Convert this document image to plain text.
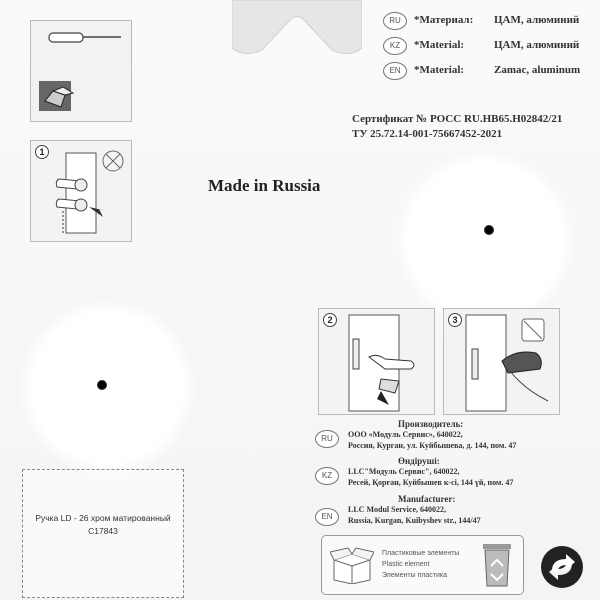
1
RU	*Материал: ЦАМ, алюминий
KZ	*Material:	ЦАМ, алюминий
EN	*Material:	Zamac, aluminum
Сертификат № РОСС RU.НВ65.Н02842/21
ТУ 25.72.14-001-75667452-2021
Made in Russia
2	3
RU
Производитель:
ООО «Модуль Сервис», 640022,
Россия, Курган, ул. Куйбышева, д. 144, пом. 47
KZ
Өндіруші:
LLC"Модуль Сервис", 640022,
Ресей, Қорған, Куйбышев к-сі, 144 үй, пом. 47
EN
Manufacturer:
LLC Modul Service, 640022,
Russia, Kurgan, Kuibyshev str., 144/47
Ручка LD - 26 хром матированный
C17843
Пластиковые элементы
Plastic element
Элементы пластика
